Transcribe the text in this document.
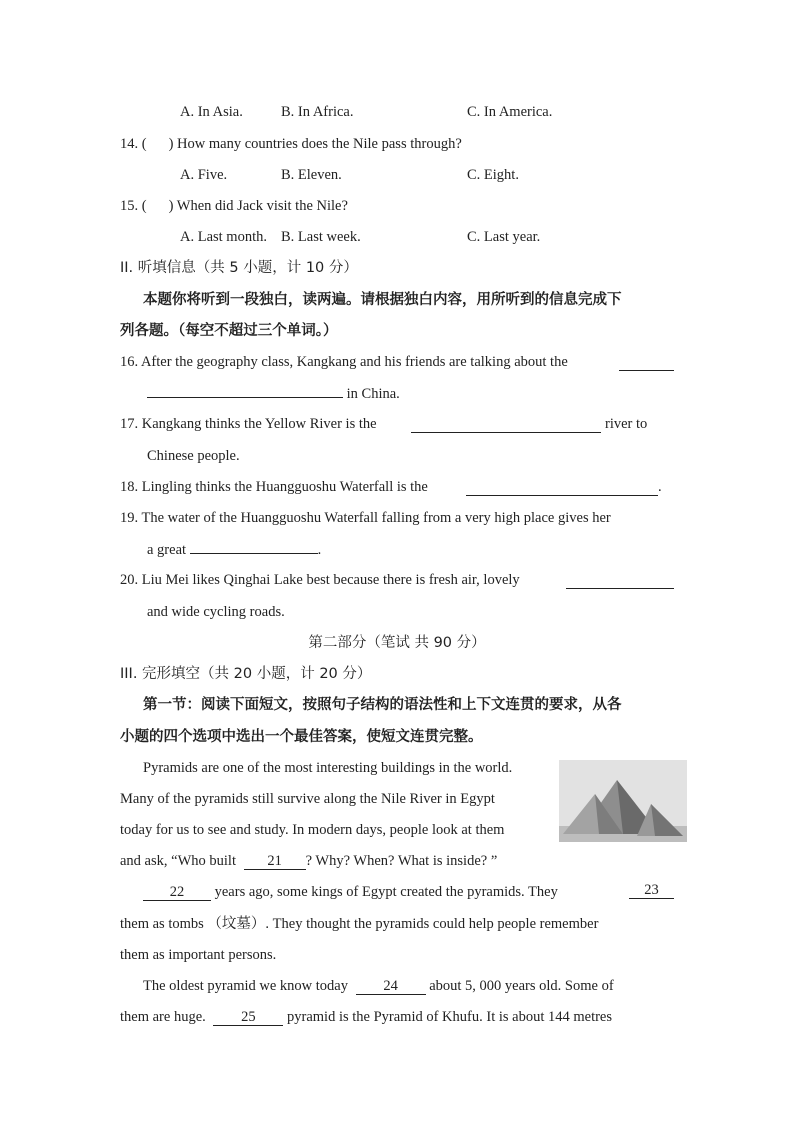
A. In Asia.	B. In Africa.	C. In America.
14. ( ) How many countries does the Nile pass through?
A. Five.	B. Eleven.	C. Eight.
15. ( ) When did Jack visit the Nile?
A. Last month. B. Last week.	C. Last year.
II. 听填信息（共 5 小题，计 10 分）
本题你将听到一段独白，读两遍。请根据独白内容，用所听到的信息完成下
列各题。（每空不超过三个单词。）
16. After the geography class, Kangkang and his friends are talking about the
in China.
17. Kangkang thinks the Yellow River is the	river to
Chinese people.
18. Lingling thinks the Huangguoshu Waterfall is the	.
19. The water of the Huangguoshu Waterfall falling from a very high place gives her
a great	.
20. Liu Mei likes Qinghai Lake best because there is fresh air, lovely
and wide cycling roads.
第二部分（笔试 共 90 分）
III. 完形填空（共 20 小题，计 20 分）
第一节：阅读下面短文，按照句子结构的语法性和上下文连贯的要求，从各
小题的四个选项中选出一个最佳答案，使短文连贯完整。
Pyramids are one of the most interesting buildings in the world.
Many of the pyramids still survive along the Nile River in Egypt
today for us to see and study. In modern days, people look at them
and ask, “Who built 21 ? Why? When? What is inside? ”
22 years ago, some kings of Egypt created the pyramids. They	23
them as tombs （坟墓）. They thought the pyramids could help people remember
them as important persons.
The oldest pyramid we know today 24 about 5, 000 years old. Some of
them are huge. 25 pyramid is the Pyramid of Khufu. It is about 144 metres
